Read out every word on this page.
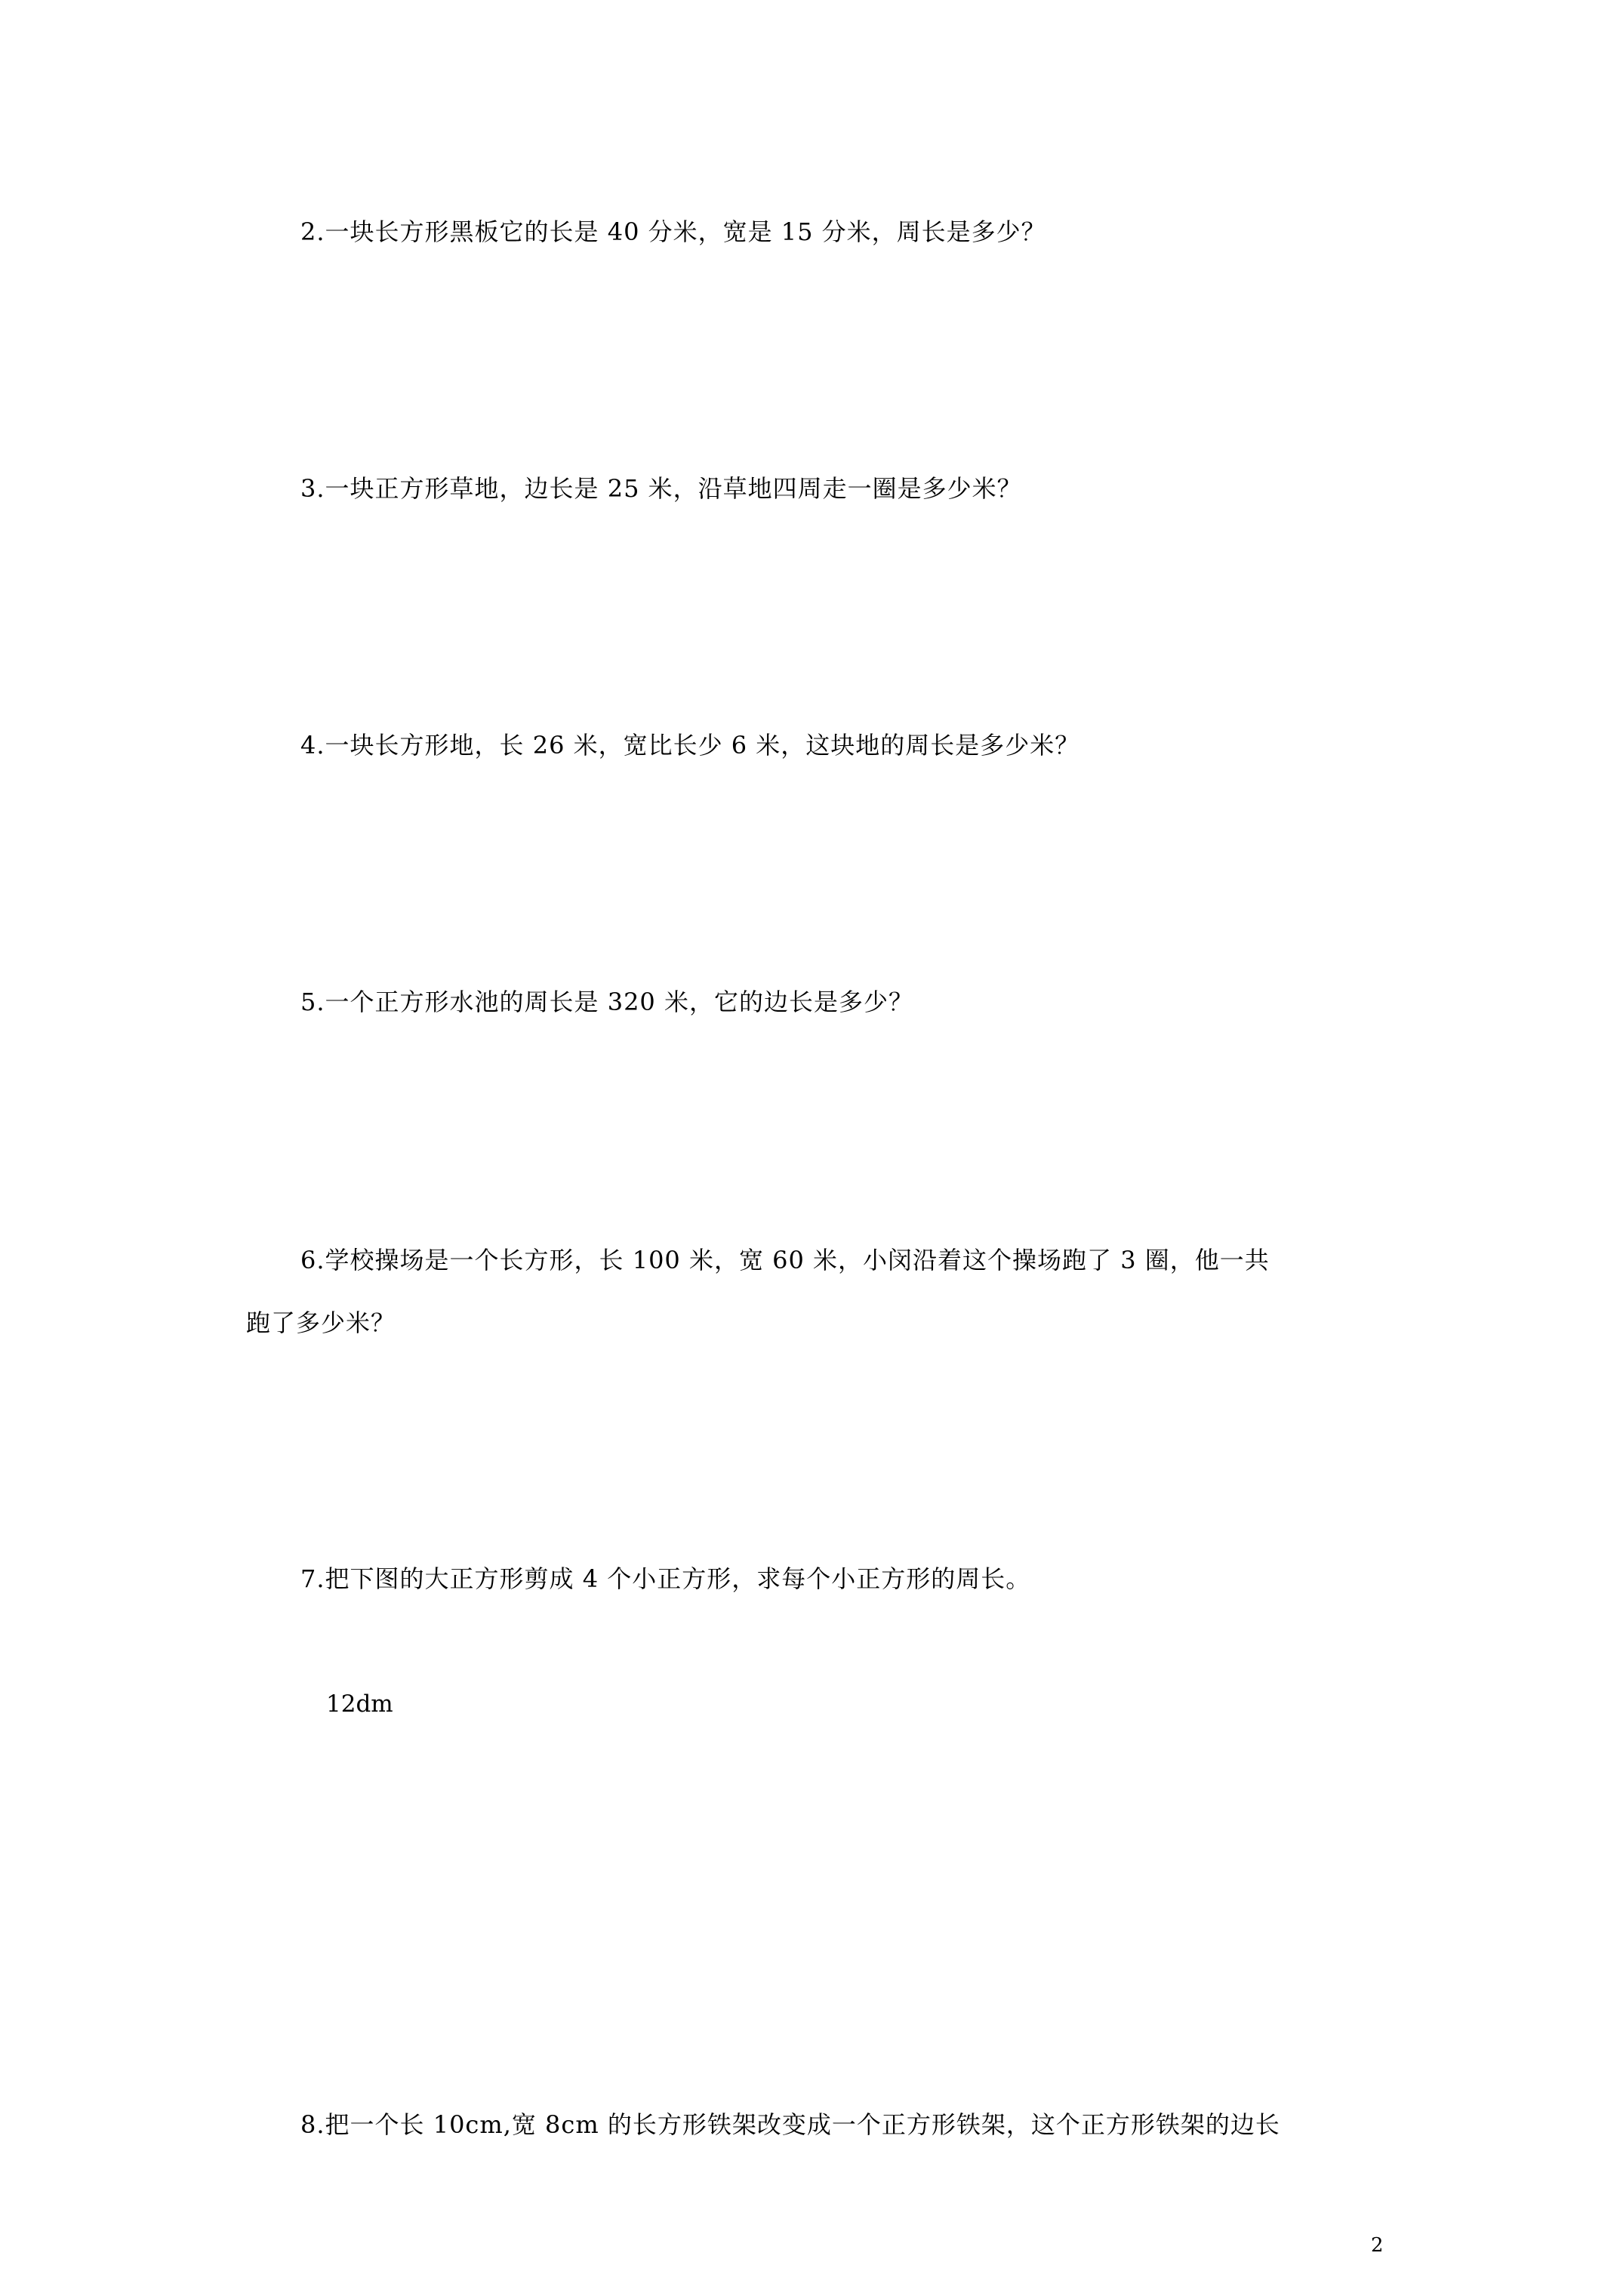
2.一块长方形黑板它的长是 40 分米，宽是 15 分米，周长是多少？
3.一块正方形草地，边长是 25 米，沿草地四周走一圈是多少米？
4.一块长方形地，长 26 米，宽比长少 6 米，这块地的周长是多少米？
5.一个正方形水池的周长是 320 米，它的边长是多少？
6.学校操场是一个长方形，长 100 米，宽 60 米，小闵沿着这个操场跑了 3 圈，他一共
跑了多少米？
7.把下图的大正方形剪成 4 个小正方形，求每个小正方形的周长。
12dm
8.把一个长 10cm,宽 8cm 的长方形铁架改变成一个正方形铁架，这个正方形铁架的边长
2
